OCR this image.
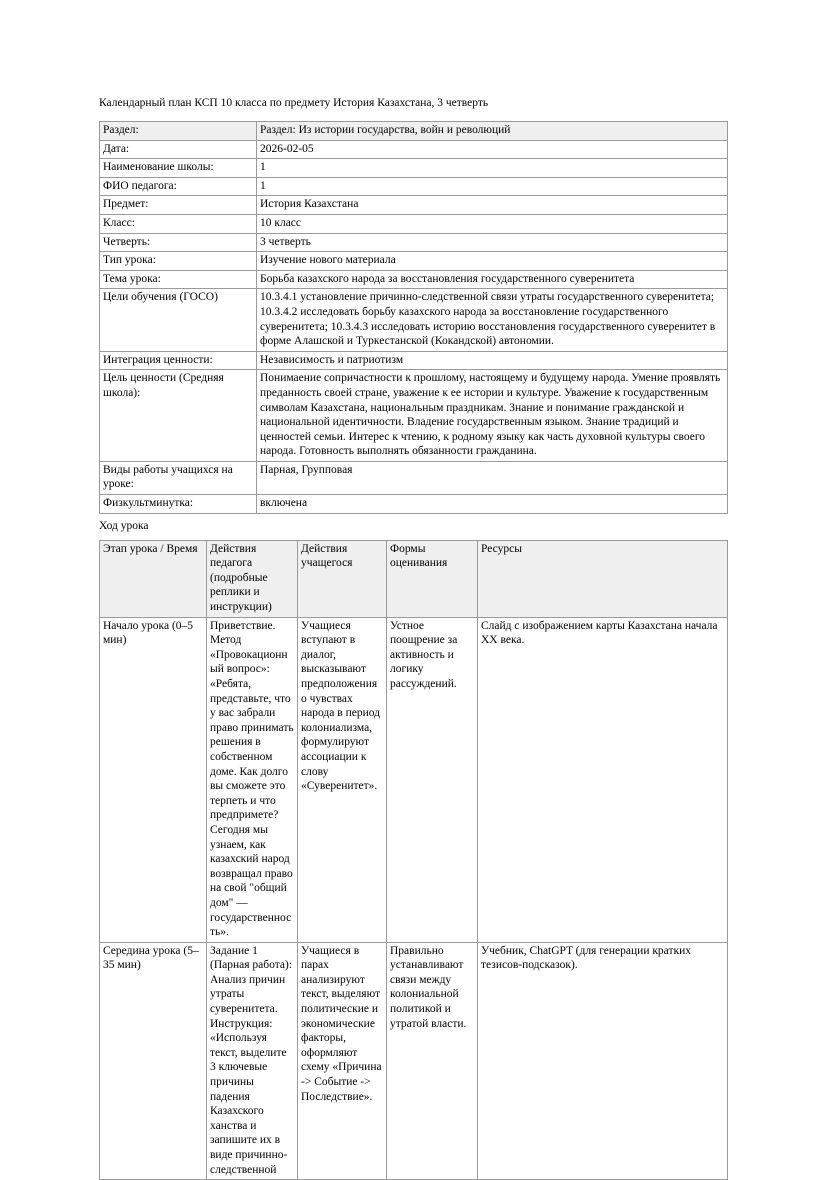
Календарный план КСП 10 класса по предмету История Казахстана, 3 четверть

Раздел:	Раздел: Из истории государства, войн и революций
Дата:	2026-02-05
Наименование школы:	1
ФИО педагога:	1
Предмет:	История Казахстана
Класс:	10 класс
Четверть:	3 четверть
Тип урока:	Изучение нового материала
Тема урока:	Борьба казахского народа за восстановления государственного суверенитета
Цели обучения (ГОСО)	10.3.4.1 установление причинно-следственной связи утраты государственного суверенитета; 10.3.4.2 исследовать борьбу казахского народа за восстановление государственного суверенитета; 10.3.4.3 исследовать историю восстановления государственного суверенитет в форме Алашской и Туркестанской (Кокандской) автономии.
Интеграция ценности:	Независимость и патриотизм
Цель ценности (Средняя школа):	Понимаение сопричастности к прошлому, настоящему и будущему народа. Умение проявлять преданность своей стране, уважение к ее истории и культуре. Уважение к государственным символам Казахстана, национальным праздникам. Знание и понимание гражданской и национальной идентичности. Владение государственным языком. Знание традиций и ценностей семьи. Интерес к чтению, к родному языку как часть духовной культуры своего народа. Готовность выполнять обязанности гражданина.
Виды работы учащихся на уроке:	Парная, Групповая
Физкультминутка:	включена

Ход урока

Этап урока / Время	Действия педагога (подробные реплики и инструкции)	Действия учащегося	Формы оценивания	Ресурсы
Начало урока (0–5 мин)	Приветствие. Метод «Провокационный вопрос»: «Ребята, представьте, что у вас забрали право принимать решения в собственном доме. Как долго вы сможете это терпеть и что предпримете? Сегодня мы узнаем, как казахский народ возвращал право на свой "общий дом" — государственность».	Учащиеся вступают в диалог, высказывают предположения о чувствах народа в период колониализма, формулируют ассоциации к слову «Суверенитет».	Устное поощрение за активность и логику рассуждений.	Слайд с изображением карты Казахстана начала XX века.
Середина урока (5–35 мин)	Задание 1 (Парная работа): Анализ причин утраты суверенитета. Инструкция: «Используя текст, выделите 3 ключевые причины падения Казахского ханства и запишите их в виде причинно-следственной	Учащиеся в парах анализируют текст, выделяют политические и экономические факторы, оформляют схему «Причина -> Событие -> Последствие».	Правильно устанавливают связи между колониальной политикой и утратой власти.	Учебник, ChatGPT (для генерации кратких тезисов-подсказок).
